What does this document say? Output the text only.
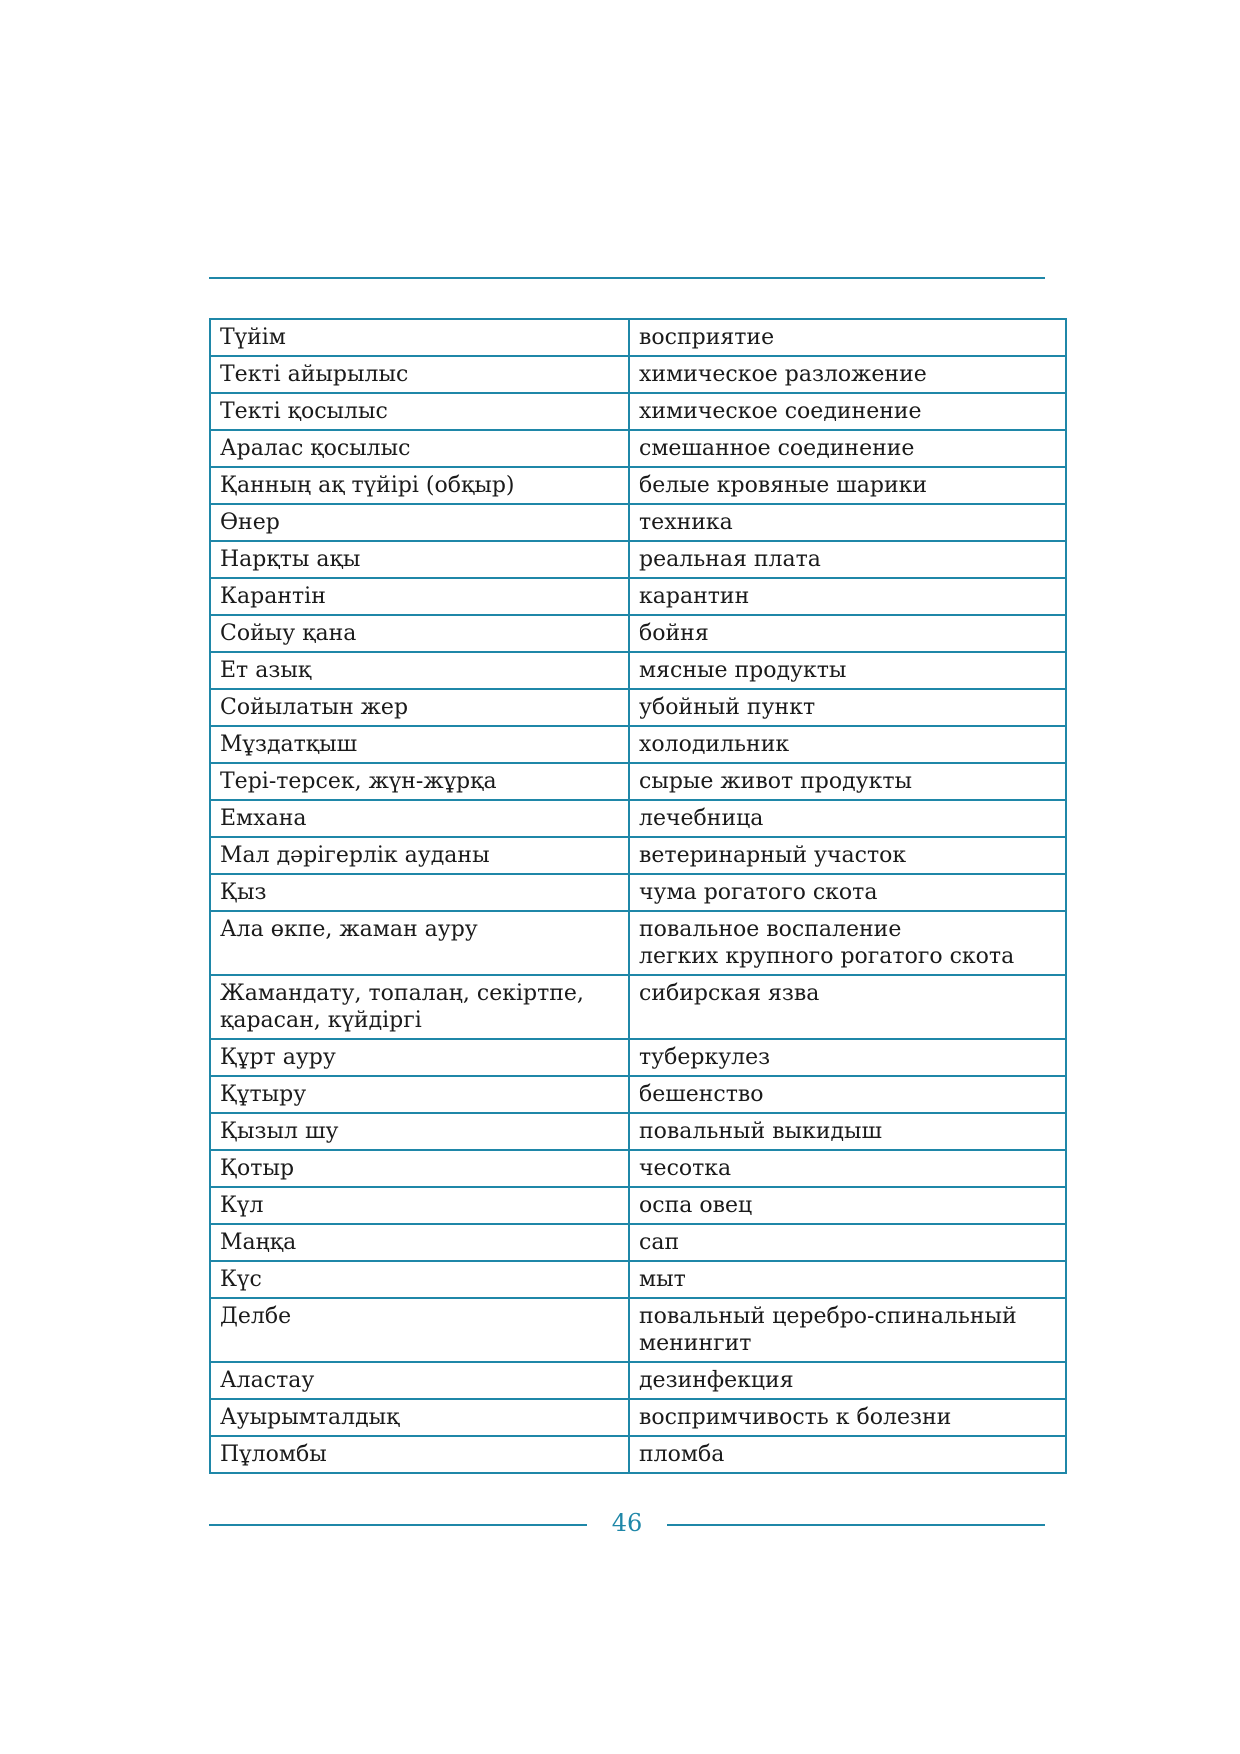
Түйім	восприятие
Текті айырылыс	химическое разложение
Текті қосылыс	химическое соединение
Аралас қосылыс	смешанное соединение
Қанның ақ түйірі (обқыр)	белые кровяные шарики
Өнер	техника
Нарқты ақы	реальная плата
Карантін	карантин
Сойыу қана	бойня
Ет азық	мясные продукты
Сойылатын жер	убойный пункт
Мұздатқыш	холодильник
Тері-терсек, жүн-жұрқа	сырые живот продукты
Емхана	лечебница
Мал дәрігерлік ауданы	ветеринарный участок
Қыз	чума рогатого скота
Ала өкпе, жаман ауру	повальное воспаление
легких крупного рогатого скота
Жамандату, топалаң, секіртпе,
қарасан, күйдіргі	сибирская язва
Құрт ауру	туберкулез
Құтыру	бешенство
Қызыл шу	повальный выкидыш
Қотыр	чесотка
Күл	оспа овец
Маңқа	сап
Күс	мыт
Делбе	повальный церебро-спинальный
менингит
Аластау	дезинфекция
Ауырымталдық	воспримчивость к болезни
Пұломбы	пломба
46
